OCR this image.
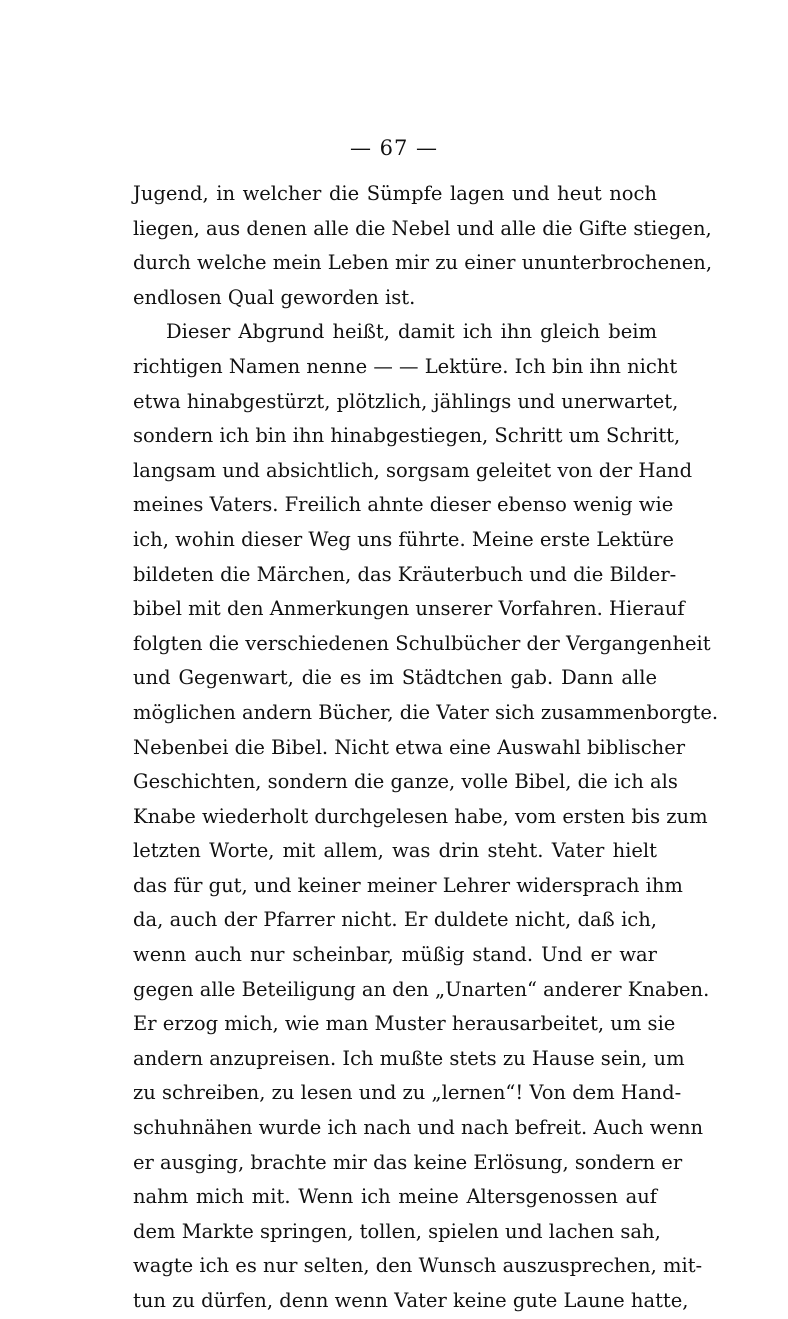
— 67 —
Jugend, in welcher die Sümpfe lagen und heut noch
liegen, aus denen alle die Nebel und alle die Gifte stiegen,
durch welche mein Leben mir zu einer ununterbrochenen,
endlosen Qual geworden ist.
Dieser Abgrund heißt, damit ich ihn gleich beim
richtigen Namen nenne — — Lektüre. Ich bin ihn nicht
etwa hinabgestürzt, plötzlich, jählings und unerwartet,
sondern ich bin ihn hinabgestiegen, Schritt um Schritt,
langsam und absichtlich, sorgsam geleitet von der Hand
meines Vaters. Freilich ahnte dieser ebenso wenig wie
ich, wohin dieser Weg uns führte. Meine erste Lektüre
bildeten die Märchen, das Kräuterbuch und die Bilder-
bibel mit den Anmerkungen unserer Vorfahren. Hierauf
folgten die verschiedenen Schulbücher der Vergangenheit
und Gegenwart, die es im Städtchen gab. Dann alle
möglichen andern Bücher, die Vater sich zusammenborgte.
Nebenbei die Bibel. Nicht etwa eine Auswahl biblischer
Geschichten, sondern die ganze, volle Bibel, die ich als
Knabe wiederholt durchgelesen habe, vom ersten bis zum
letzten Worte, mit allem, was drin steht. Vater hielt
das für gut, und keiner meiner Lehrer widersprach ihm
da, auch der Pfarrer nicht. Er duldete nicht, daß ich,
wenn auch nur scheinbar, müßig stand. Und er war
gegen alle Beteiligung an den „Unarten“ anderer Knaben.
Er erzog mich, wie man Muster herausarbeitet, um sie
andern anzupreisen. Ich mußte stets zu Hause sein, um
zu schreiben, zu lesen und zu „lernen“! Von dem Hand-
schuhnähen wurde ich nach und nach befreit. Auch wenn
er ausging, brachte mir das keine Erlösung, sondern er
nahm mich mit. Wenn ich meine Altersgenossen auf
dem Markte springen, tollen, spielen und lachen sah,
wagte ich es nur selten, den Wunsch auszusprechen, mit-
tun zu dürfen, denn wenn Vater keine gute Laune hatte,
